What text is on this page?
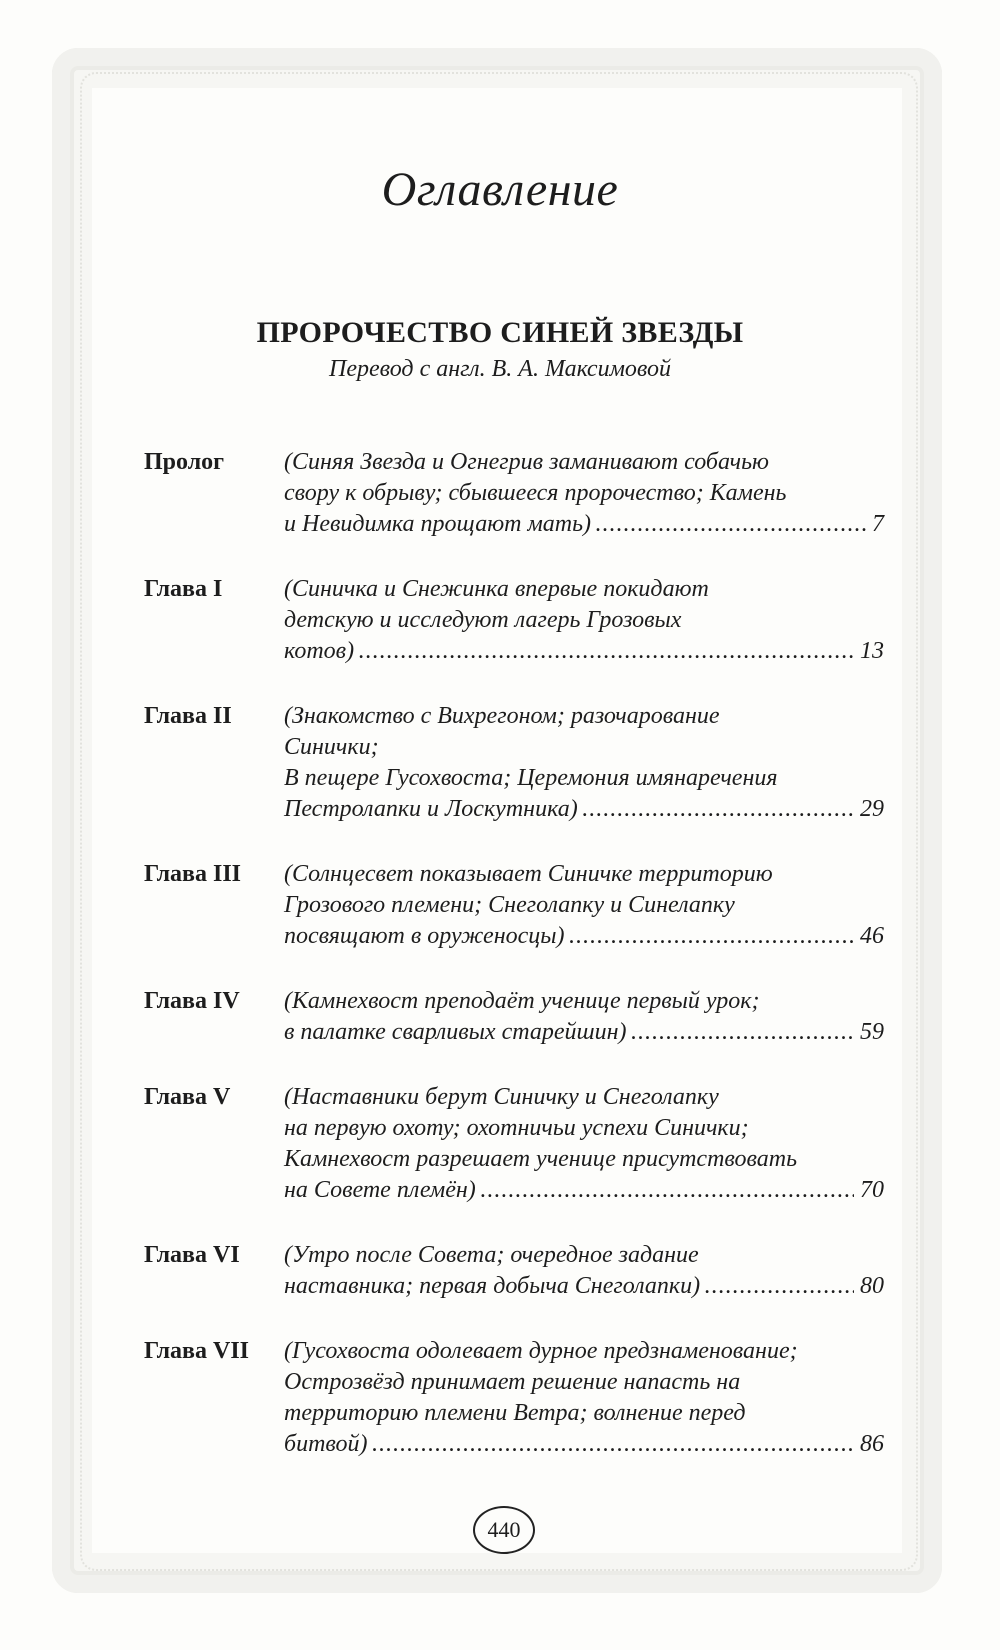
Оглавление
ПРОРОЧЕСТВО СИНЕЙ ЗВЕЗДЫ
Перевод с англ. В. А. Максимовой
Пролог	(Синяя Звезда и Огнегрив заманивают собачью
свору к обрыву; сбывшееся пророчество; Камень
и Невидимка прощают мать) .....	7
Глава I	(Синичка и Снежинка впервые покидают
детскую и исследуют лагерь Грозовых
котов) .....	13
Глава II	(Знакомство с Вихрегоном; разочарование
Синички;
В пещере Гусохвоста; Церемония имянаречения
Пестролапки и Лоскутника) .....	29
Глава III	(Солнцесвет показывает Синичке территорию
Грозового племени; Снеголапку и Синелапку
посвящают в оруженосцы) .....	46
Глава IV	(Камнехвост преподаёт ученице первый урок;
в палатке сварливых старейшин) .....	59
Глава V	(Наставники берут Синичку и Снеголапку
на первую охоту; охотничьи успехи Синички;
Камнехвост разрешает ученице присутствовать
на Совете племён) .....	70
Глава VI	(Утро после Совета; очередное задание
наставника; первая добыча Снеголапки) .....	80
Глава VII	(Гусохвоста одолевает дурное предзнаменование;
Острозвёзд принимает решение напасть на
территорию племени Ветра; волнение перед
битвой) .....	86
440
